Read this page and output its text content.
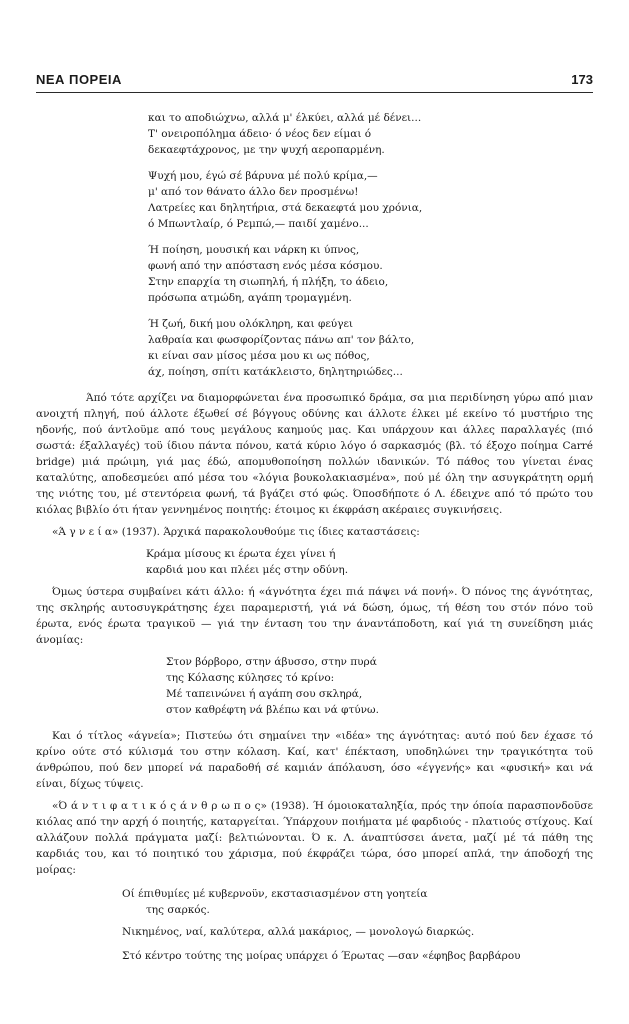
ΝΕΑ ΠΟΡΕΙΑ	173

και το αποδιώχνω, αλλά μ' έλκύει, αλλά μέ δένει...

Τ' ονειροπόλημα άδειο· ό νέος δεν είμαι ό

δεκαεφτάχρονος, με την ψυχή αεροπαρμένη.

Ψυχή μου, έγώ σέ βάρυνα μέ πολύ κρίμα,—

μ' από τον θάνατο άλλο δεν προσμένω!

Λατρείες και δηλητήρια, στά δεκαεφτά μου χρόνια,

ό Μπωντλαίρ, ό Ρεμπώ,— παιδί χαμένο...

Ή ποίηση, μουσική και νάρκη κι ύπνος,

φωνή από την απόσταση ενός μέσα κόσμου.

Στην επαρχία τη σιωπηλή, ή πλήξη, το άδειο,

πρόσωπα ατμώδη, αγάπη τρομαγμένη.

Ή ζωή, δική μου ολόκληρη, και φεύγει

λαθραία και φωσφορίζοντας πάνω απ' τον βάλτο,

κι είναι σαν μίσος μέσα μου κι ως πόθος,

άχ, ποίηση, σπίτι κατάκλειστο, δηλητηριώδες...

Άπό τότε αρχίζει να διαμορφώνεται ένα προσωπικό δράμα, σα μια περιδίνηση γύρω από μιαν ανοιχτή πληγή, πού άλλοτε έξωθεί σέ βόγγους οδύνης και άλλοτε έλκει μέ εκείνο τό μυστήριο της ηδονής, πού άντλοϋμε από τους μεγάλους καημούς μας. Και υπάρχουν και άλλες παραλλαγές (πιό σωστά: έξαλλαγές) τοϋ ίδιου πάντα πόνου, κατά κύριο λόγο ό σαρκασμός (βλ. τό έξοχο ποίημα Carré bridge) μιά πρώιμη, γιά μας έδώ, απομυθοποίηση πολλών ιδανικών. Τό πάθος του γίνεται ένας καταλύτης, αποδεσμεύει από μέσα του «λόγια βουκολακιασμένα», πού μέ όλη την ασυγκράτητη ορμή της νιότης του, μέ στεντόρεια φωνή, τά βγάζει στό φώς. Όποσδήποτε ό Λ. έδειχνε από τό πρώτο του κιόλας βιβλίο ότι ήταν γεννημένος ποιητής: έτοιμος κι έκφράση ακέραιες συγκινήσεις.

«Ά γ ν ε ί α» (1937). Άρχικά παρακολουθούμε τις ίδιες καταστάσεις:

Κράμα μίσους κι έρωτα έχει γίνει ή

καρδιά μου και πλέει μές στην οδύνη.

Όμως ύστερα συμβαίνει κάτι άλλο: ή «άγνότητα έχει πιά πάψει νά πονή». Ό πόνος της άγνότητας, της σκληρής αυτοσυγκράτησης έχει παραμεριστή, γιά νά δώση, όμως, τή θέση του στόν πόνο τοϋ έρωτα, ενός έρωτα τραγικοϋ — γιά την ένταση του την άναντάποδοτη, καί γιά τη συνείδηση μιάς άνομίας:

Στον βόρβορο, στην άβυσσο, στην πυρά

της Κόλασης κύλησες τό κρίνο:

Μέ ταπεινώνει ή αγάπη σου σκληρά,

στον καθρέφτη νά βλέπω και νά φτύνω.

Και ό τίτλος «άγνεία»; Πιστεύω ότι σημαίνει την «ιδέα» της άγνότητας: αυτό πού δεν έχασε τό κρίνο ούτε στό κύλισμά του στην κόλαση. Καί, κατ' έπέκταση, υποδηλώνει την τραγικότητα τοϋ άνθρώπου, πού δεν μπορεί νά παραδοθή σέ καμιάν άπόλαυση, όσο «έγγενής» και «φυσική» και νά είναι, δίχως τύψεις.

«Ό ά ν τ ι φ α τ ι κ ό ς ά ν θ ρ ω π ο ς» (1938). Ή όμοιοκαταληξία, πρός την όποία παρασπονδοϋσε κιόλας από την αρχή ό ποιητής, καταργείται. Ύπάρχουν ποιήματα μέ φαρδιούς - πλατιούς στίχους. Καί αλλάζουν πολλά πράγματα μαζί: βελτιώνονται. Ό κ. Λ. άναπτύσσει άνετα, μαζί μέ τά πάθη της καρδιάς του, και τό ποιητικό του χάρισμα, πού έκφράζει τώρα, όσο μπορεί απλά, την άποδοχή της μοίρας:

Οί έπιθυμίες μέ κυβερνοϋν, εκστασιασμένον στη γοητεία

της σαρκός.

Νικημένος, ναί, καλύτερα, αλλά μακάριος, — μονολογώ διαρκώς.

Στό κέντρο τούτης της μοίρας υπάρχει ό Έρωτας —σαν «έφηβος βαρβάρου
